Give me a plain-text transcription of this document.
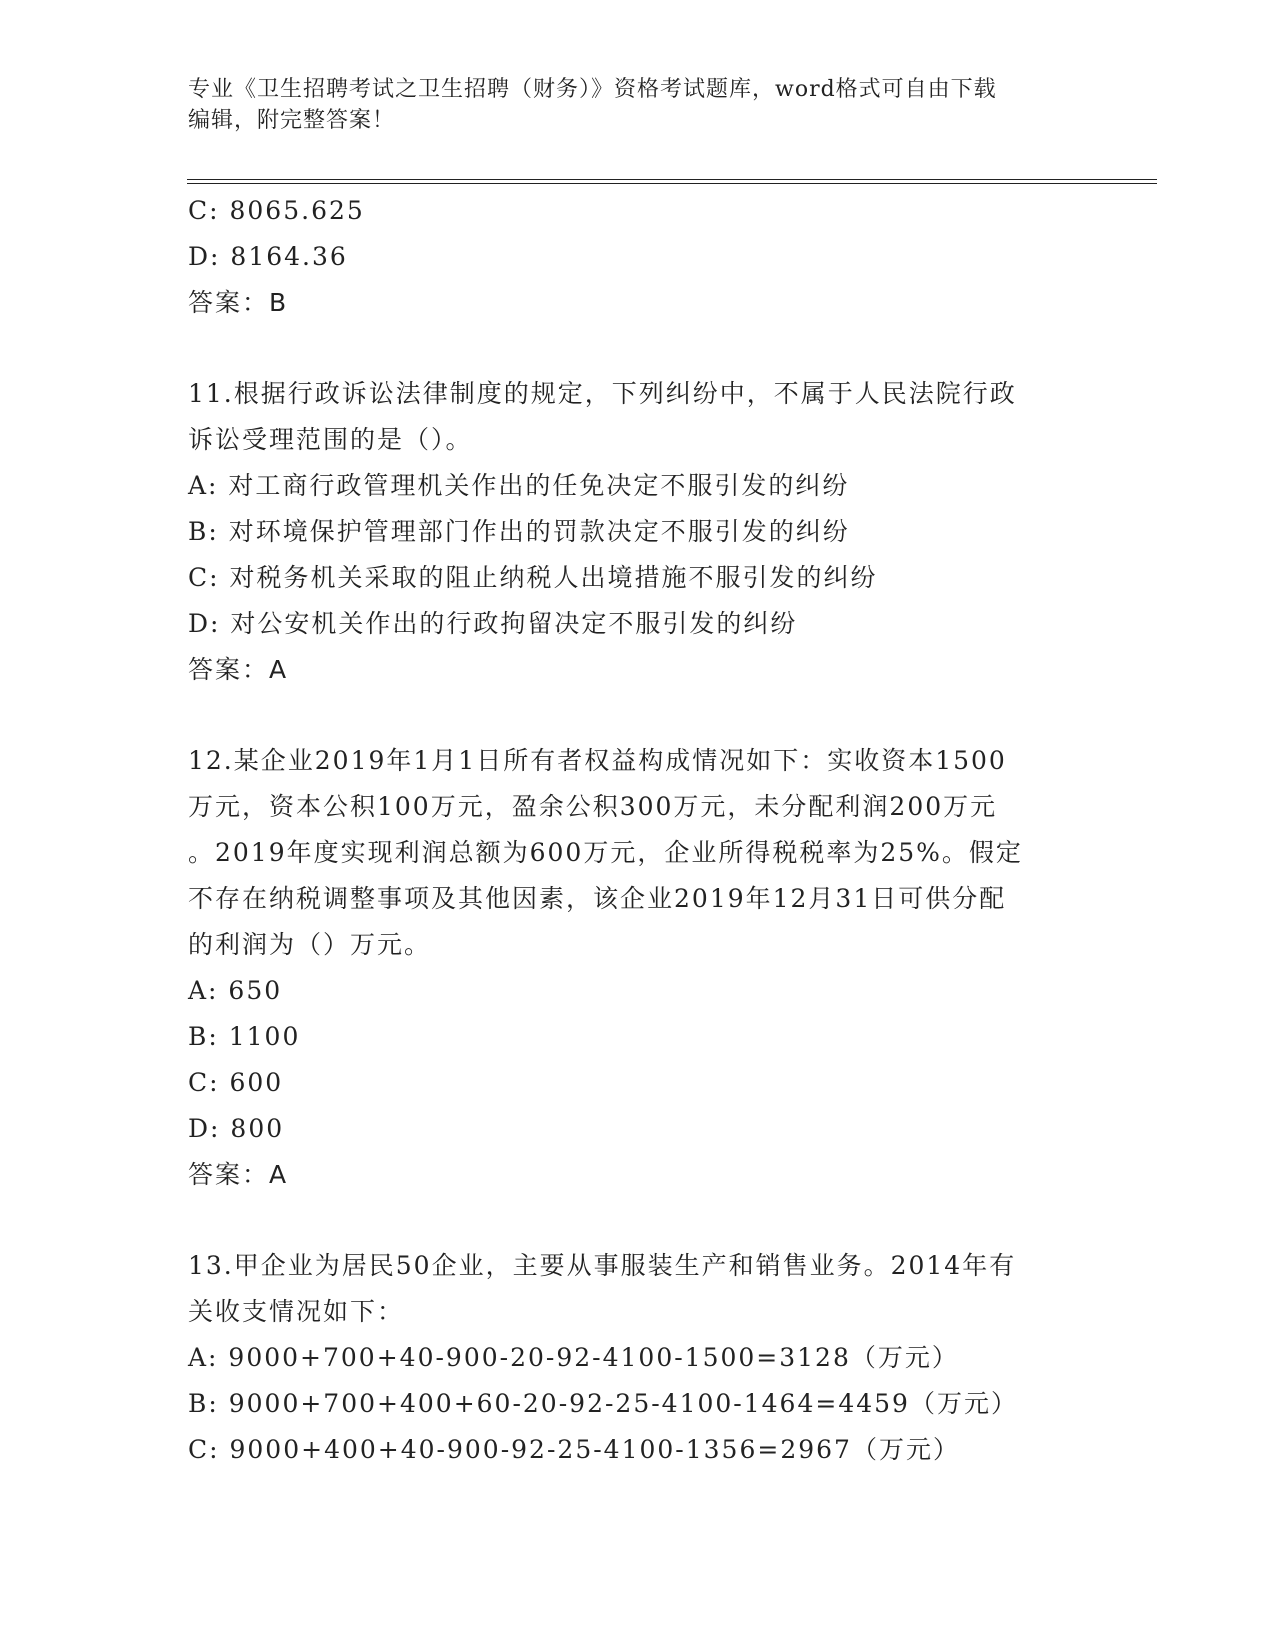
专业《卫生招聘考试之卫生招聘（财务）》资格考试题库，word格式可自由下载
编辑，附完整答案！
C: 8065.625
D: 8164.36
答案：B
11.根据行政诉讼法律制度的规定，下列纠纷中，不属于人民法院行政
诉讼受理范围的是（）。
A: 对工商行政管理机关作出的任免决定不服引发的纠纷
B: 对环境保护管理部门作出的罚款决定不服引发的纠纷
C: 对税务机关采取的阻止纳税人出境措施不服引发的纠纷
D: 对公安机关作出的行政拘留决定不服引发的纠纷
答案：A
12.某企业2019年1月1日所有者权益构成情况如下：实收资本1500
万元，资本公积100万元，盈余公积300万元，未分配利润200万元
。2019年度实现利润总额为600万元，企业所得税税率为25%。假定
不存在纳税调整事项及其他因素，该企业2019年12月31日可供分配
的利润为（）万元。
A: 650
B: 1100
C: 600
D: 800
答案：A
13.甲企业为居民50企业，主要从事服装生产和销售业务。2014年有
关收支情况如下：
A: 9000+700+40-900-20-92-4100-1500=3128（万元）
B: 9000+700+400+60-20-92-25-4100-1464=4459（万元）
C: 9000+400+40-900-92-25-4100-1356=2967（万元）
